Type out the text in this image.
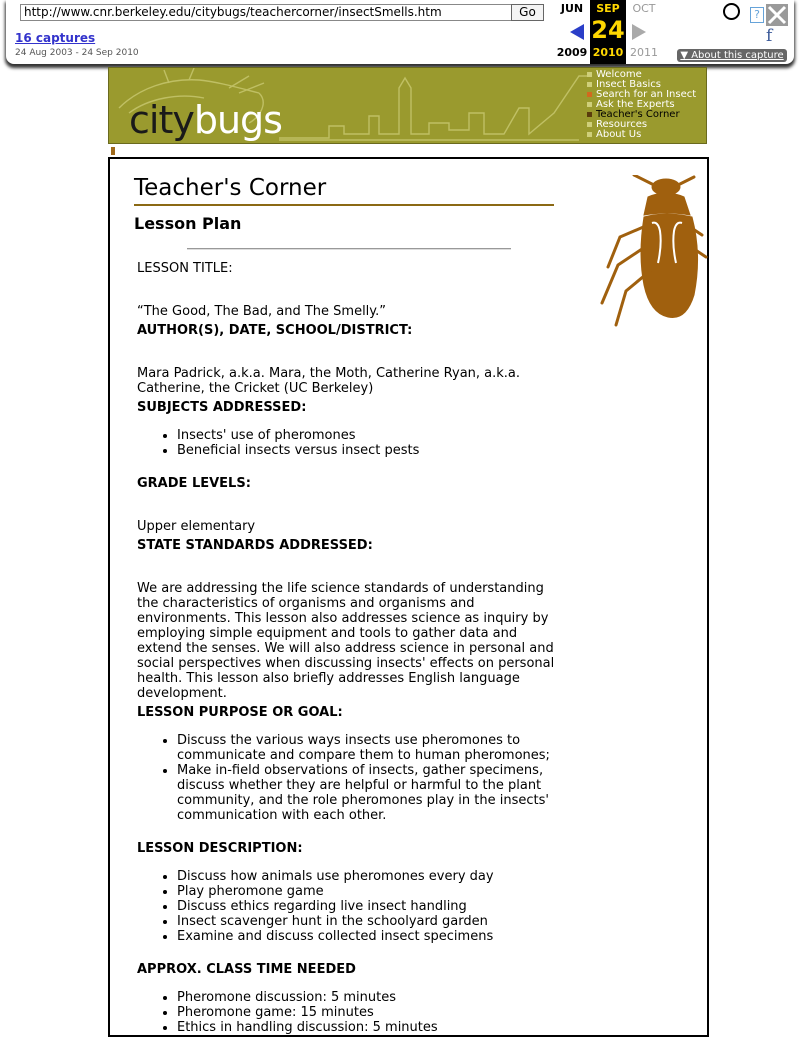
http://www.cnr.berkeley.edu/citybugs/teachercorner/insectSmells.htm	Go
16 captures
24 Aug 2003 - 24 Sep 2010
JUN
2009
SEP
24
2010
OCT
2011
?
f
▼ About this capture
citybugs
Welcome
Insect Basics
Search for an Insect
Ask the Experts
Teacher's Corner
Resources
About Us
Teacher's Corner
Lesson Plan
LESSON TITLE:
“The Good, The Bad, and The Smelly.”
AUTHOR(S), DATE, SCHOOL/DISTRICT:
Mara Padrick, a.k.a. Mara, the Moth, Catherine Ryan, a.k.a. Catherine, the Cricket (UC Berkeley)
SUBJECTS ADDRESSED:
• Insects' use of pheromones
• Beneficial insects versus insect pests
GRADE LEVELS:
Upper elementary
STATE STANDARDS ADDRESSED:
We are addressing the life science standards of understanding the characteristics of organisms and organisms and environments. This lesson also addresses science as inquiry by employing simple equipment and tools to gather data and extend the senses. We will also address science in personal and social perspectives when discussing insects' effects on personal health. This lesson also briefly addresses English language development.
LESSON PURPOSE OR GOAL:
• Discuss the various ways insects use pheromones to communicate and compare them to human pheromones;
• Make in-field observations of insects, gather specimens, discuss whether they are helpful or harmful to the plant community, and the role pheromones play in the insects' communication with each other.
LESSON DESCRIPTION:
• Discuss how animals use pheromones every day
• Play pheromone game
• Discuss ethics regarding live insect handling
• Insect scavenger hunt in the schoolyard garden
• Examine and discuss collected insect specimens
APPROX. CLASS TIME NEEDED
• Pheromone discussion: 5 minutes
• Pheromone game: 15 minutes
• Ethics in handling discussion: 5 minutes
